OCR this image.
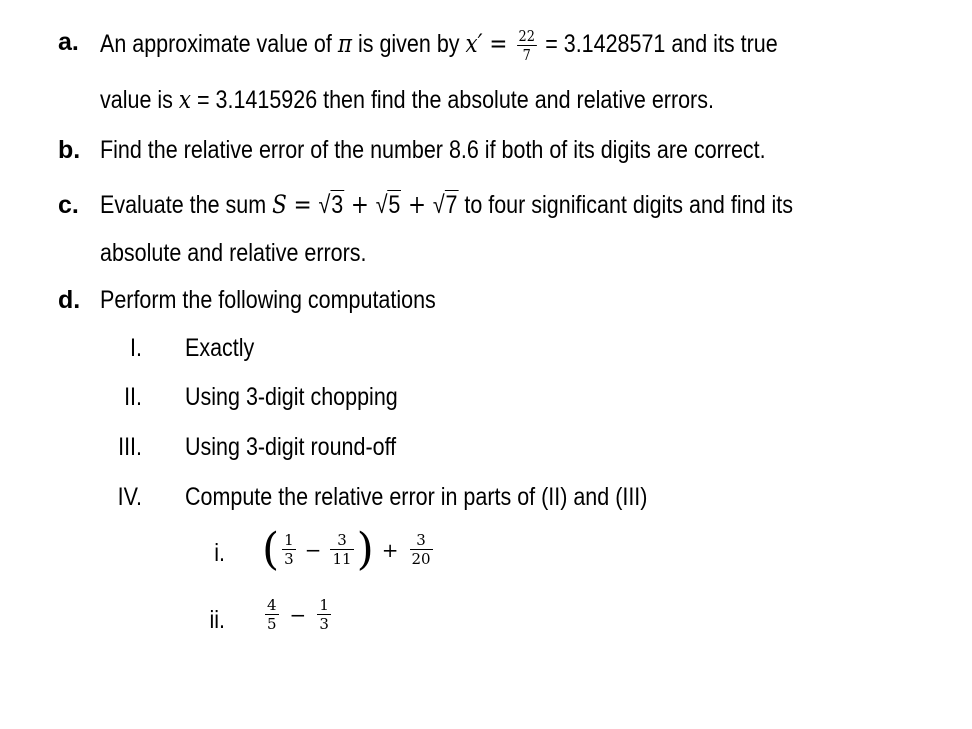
a. An approximate value of π is given by $x' = \frac{22}{7} = 3.1428571$ and its true
value is x = 3.1415926 then find the absolute and relative errors.
b. Find the relative error of the number 8.6 if both of its digits are correct.
c. Evaluate the sum S = √3 + √5 + √7 to four significant digits and find its
absolute and relative errors.
d. Perform the following computations
I. Exactly
II. Using 3-digit chopping
III. Using 3-digit round-off
IV. Compute the relative error in parts of (II) and (III)
i. ( $\frac{1}{3} - \frac{3}{11}$ ) + $\frac{3}{20}$
ii.	$\frac{4}{5} - \frac{1}{3}$
